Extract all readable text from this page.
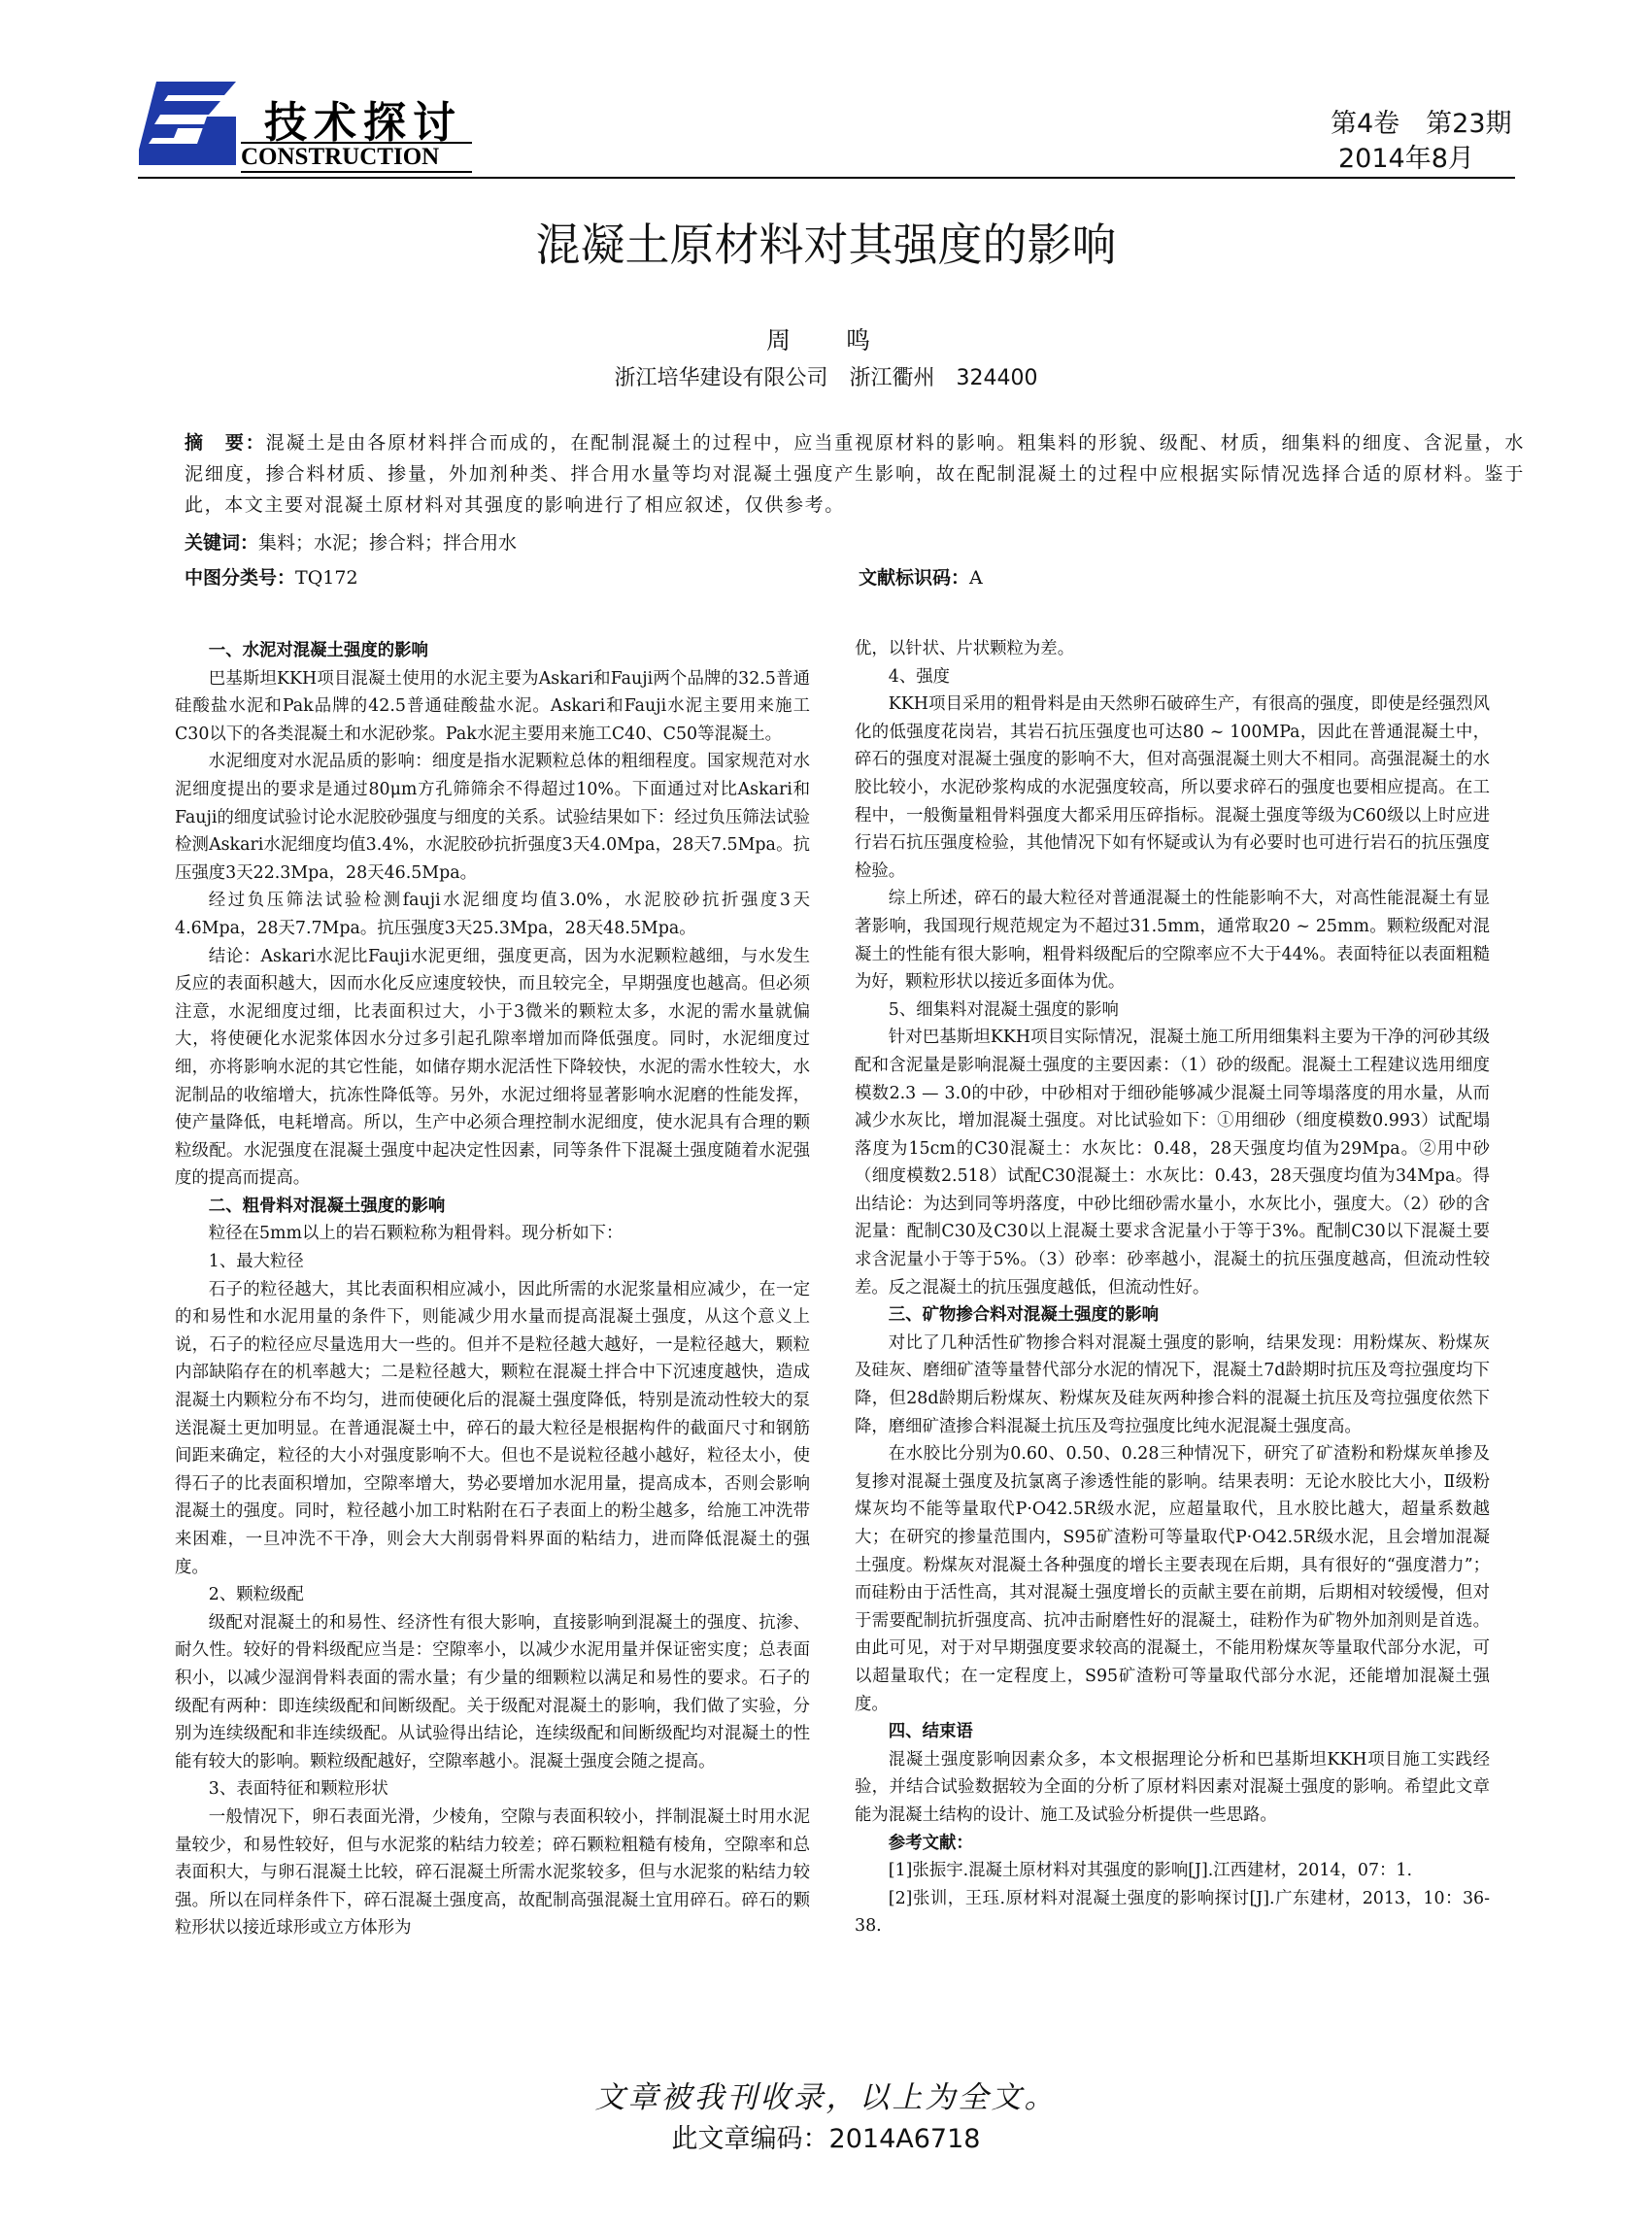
技术探讨
CONSTRUCTION
第4卷　第23期
2014年8月
混凝土原材料对其强度的影响
周　鸣
浙江培华建设有限公司　浙江衢州　324400
摘　要：混凝土是由各原材料拌合而成的，在配制混凝土的过程中，应当重视原材料的影响。粗集料的形貌、级配、材质，细集料的细度、含泥量，水泥细度，掺合料材质、掺量，外加剂种类、拌合用水量等均对混凝土强度产生影响，故在配制混凝土的过程中应根据实际情况选择合适的原材料。鉴于此，本文主要对混凝土原材料对其强度的影响进行了相应叙述，仅供参考。
关键词：集料；水泥；掺合料；拌合用水
中图分类号：TQ172	文献标识码：A

一、水泥对混凝土强度的影响

巴基斯坦KKH项目混凝土使用的水泥主要为Askari和Fauji两个品牌的32.5普通硅酸盐水泥和Pak品牌的42.5普通硅酸盐水泥。Askari和Fauji水泥主要用来施工C30以下的各类混凝土和水泥砂浆。Pak水泥主要用来施工C40、C50等混凝土。

水泥细度对水泥品质的影响：细度是指水泥颗粒总体的粗细程度。国家规范对水泥细度提出的要求是通过80μm方孔筛筛余不得超过10%。下面通过对比Askari和Fauji的细度试验讨论水泥胶砂强度与细度的关系。试验结果如下：经过负压筛法试验检测Askari水泥细度均值3.4%，水泥胶砂抗折强度3天4.0Mpa，28天7.5Mpa。抗压强度3天22.3Mpa，28天46.5Mpa。

经过负压筛法试验检测fauji水泥细度均值3.0%，水泥胶砂抗折强度3天4.6Mpa，28天7.7Mpa。抗压强度3天25.3Mpa，28天48.5Mpa。

结论：Askari水泥比Fauji水泥更细，强度更高，因为水泥颗粒越细，与水发生反应的表面积越大，因而水化反应速度较快，而且较完全，早期强度也越高。但必须注意，水泥细度过细，比表面积过大，小于3微米的颗粒太多，水泥的需水量就偏大，将使硬化水泥浆体因水分过多引起孔隙率增加而降低强度。同时，水泥细度过细，亦将影响水泥的其它性能，如储存期水泥活性下降较快，水泥的需水性较大，水泥制品的收缩增大，抗冻性降低等。另外，水泥过细将显著影响水泥磨的性能发挥，使产量降低，电耗增高。所以，生产中必须合理控制水泥细度，使水泥具有合理的颗粒级配。水泥强度在混凝土强度中起决定性因素，同等条件下混凝土强度随着水泥强度的提高而提高。

二、粗骨料对混凝土强度的影响

粒径在5mm以上的岩石颗粒称为粗骨料。现分析如下：

1、最大粒径

石子的粒径越大，其比表面积相应减小，因此所需的水泥浆量相应减少，在一定的和易性和水泥用量的条件下，则能减少用水量而提高混凝土强度，从这个意义上说，石子的粒径应尽量选用大一些的。但并不是粒径越大越好，一是粒径越大，颗粒内部缺陷存在的机率越大；二是粒径越大，颗粒在混凝土拌合中下沉速度越快，造成混凝土内颗粒分布不均匀，进而使硬化后的混凝土强度降低，特别是流动性较大的泵送混凝土更加明显。在普通混凝土中，碎石的最大粒径是根据构件的截面尺寸和钢筋间距来确定，粒径的大小对强度影响不大。但也不是说粒径越小越好，粒径太小，使得石子的比表面积增加，空隙率增大，势必要增加水泥用量，提高成本，否则会影响混凝土的强度。同时，粒径越小加工时粘附在石子表面上的粉尘越多，给施工冲洗带来困难，一旦冲洗不干净，则会大大削弱骨料界面的粘结力，进而降低混凝土的强度。

2、颗粒级配

级配对混凝土的和易性、经济性有很大影响，直接影响到混凝土的强度、抗渗、耐久性。较好的骨料级配应当是：空隙率小，以减少水泥用量并保证密实度；总表面积小，以减少湿润骨料表面的需水量；有少量的细颗粒以满足和易性的要求。石子的级配有两种：即连续级配和间断级配。关于级配对混凝土的影响，我们做了实验，分别为连续级配和非连续级配。从试验得出结论，连续级配和间断级配均对混凝土的性能有较大的影响。颗粒级配越好，空隙率越小。混凝土强度会随之提高。

3、表面特征和颗粒形状

一般情况下，卵石表面光滑，少棱角，空隙与表面积较小，拌制混凝土时用水泥量较少，和易性较好，但与水泥浆的粘结力较差；碎石颗粒粗糙有棱角，空隙率和总表面积大，与卵石混凝土比较，碎石混凝土所需水泥浆较多，但与水泥浆的粘结力较强。所以在同样条件下，碎石混凝土强度高，故配制高强混凝土宜用碎石。碎石的颗粒形状以接近球形或立方体形为

优，以针状、片状颗粒为差。

4、强度

KKH项目采用的粗骨料是由天然卵石破碎生产，有很高的强度，即使是经强烈风化的低强度花岗岩，其岩石抗压强度也可达80 ~ 100MPa，因此在普通混凝土中，碎石的强度对混凝土强度的影响不大，但对高强混凝土则大不相同。高强混凝土的水胶比较小，水泥砂浆构成的水泥强度较高，所以要求碎石的强度也要相应提高。在工程中，一般衡量粗骨料强度大都采用压碎指标。混凝土强度等级为C60级以上时应进行岩石抗压强度检验，其他情况下如有怀疑或认为有必要时也可进行岩石的抗压强度检验。

综上所述，碎石的最大粒径对普通混凝土的性能影响不大，对高性能混凝土有显著影响，我国现行规范规定为不超过31.5mm，通常取20 ~ 25mm。颗粒级配对混凝土的性能有很大影响，粗骨料级配后的空隙率应不大于44%。表面特征以表面粗糙为好，颗粒形状以接近多面体为优。

5、细集料对混凝土强度的影响

针对巴基斯坦KKH项目实际情况，混凝土施工所用细集料主要为干净的河砂其级配和含泥量是影响混凝土强度的主要因素：（1）砂的级配。混凝土工程建议选用细度模数2.3 — 3.0的中砂，中砂相对于细砂能够减少混凝土同等塌落度的用水量，从而减少水灰比，增加混凝土强度。对比试验如下：①用细砂（细度模数0.993）试配塌落度为15cm的C30混凝土：水灰比：0.48，28天强度均值为29Mpa。②用中砂（细度模数2.518）试配C30混凝土：水灰比：0.43，28天强度均值为34Mpa。得出结论：为达到同等坍落度，中砂比细砂需水量小，水灰比小，强度大。（2）砂的含泥量：配制C30及C30以上混凝土要求含泥量小于等于3%。配制C30以下混凝土要求含泥量小于等于5%。（3）砂率：砂率越小，混凝土的抗压强度越高，但流动性较差。反之混凝土的抗压强度越低，但流动性好。

三、矿物掺合料对混凝土强度的影响

对比了几种活性矿物掺合料对混凝土强度的影响，结果发现：用粉煤灰、粉煤灰及硅灰、磨细矿渣等量替代部分水泥的情况下，混凝土7d龄期时抗压及弯拉强度均下降，但28d龄期后粉煤灰、粉煤灰及硅灰两种掺合料的混凝土抗压及弯拉强度依然下降，磨细矿渣掺合料混凝土抗压及弯拉强度比纯水泥混凝土强度高。

在水胶比分别为0.60、0.50、0.28三种情况下，研究了矿渣粉和粉煤灰单掺及复掺对混凝土强度及抗氯离子渗透性能的影响。结果表明：无论水胶比大小，Ⅱ级粉煤灰均不能等量取代P·O42.5R级水泥，应超量取代，且水胶比越大，超量系数越大；在研究的掺量范围内，S95矿渣粉可等量取代P·O42.5R级水泥，且会增加混凝土强度。粉煤灰对混凝土各种强度的增长主要表现在后期，具有很好的“强度潜力”；而硅粉由于活性高，其对混凝土强度增长的贡献主要在前期，后期相对较缓慢，但对于需要配制抗折强度高、抗冲击耐磨性好的混凝土，硅粉作为矿物外加剂则是首选。由此可见，对于对早期强度要求较高的混凝土，不能用粉煤灰等量取代部分水泥，可以超量取代；在一定程度上，S95矿渣粉可等量取代部分水泥，还能增加混凝土强度。

四、结束语

混凝土强度影响因素众多，本文根据理论分析和巴基斯坦KKH项目施工实践经验，并结合试验数据较为全面的分析了原材料因素对混凝土强度的影响。希望此文章能为混凝土结构的设计、施工及试验分析提供一些思路。

参考文献：

[1]张振宇.混凝土原材料对其强度的影响[J].江西建材，2014，07：1.

[2]张训，王珏.原材料对混凝土强度的影响探讨[J].广东建材，2013，10：36-38.

文章被我刊收录，以上为全文。
此文章编码：2014A6718
